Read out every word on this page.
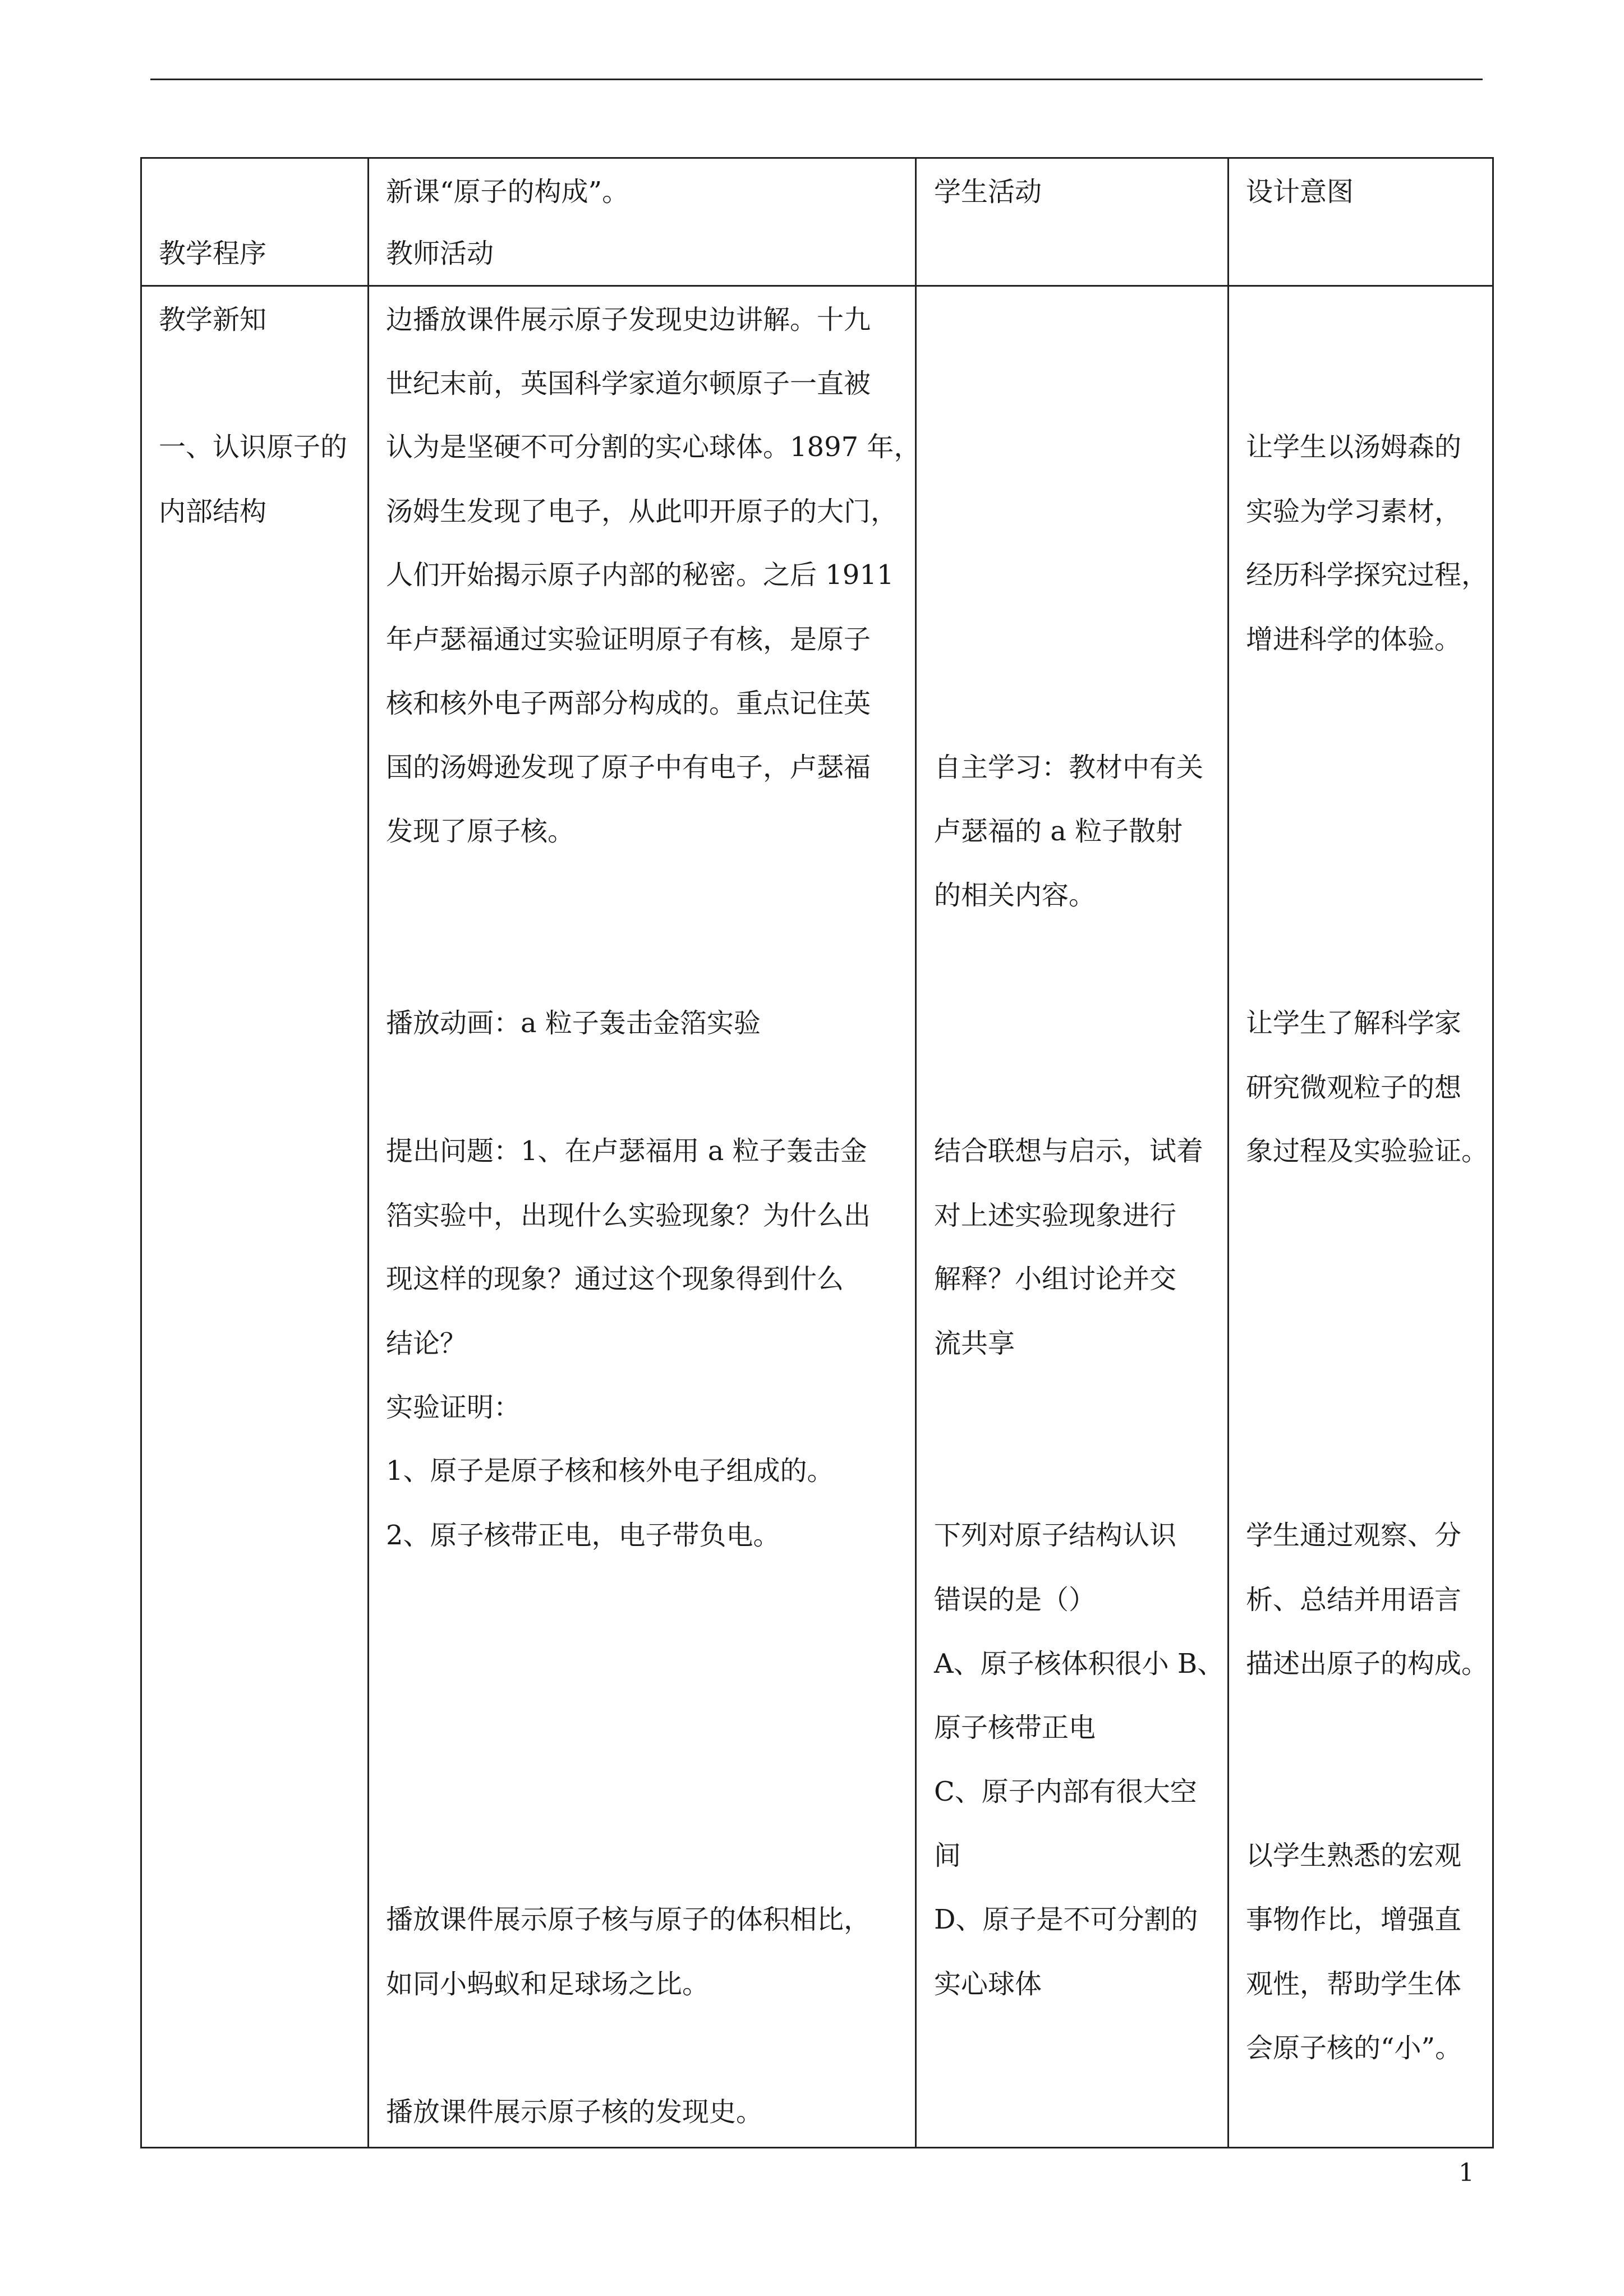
教学程序
新课“原子的构成”。
教师活动
学生活动	设计意图
教学新知
一、认识原子的
内部结构
边播放课件展示原子发现史边讲解。十九
世纪末前，英国科学家道尔顿原子一直被
认为是坚硬不可分割的实心球体。1897 年，
汤姆生发现了电子，从此叩开原子的大门，
人们开始揭示原子内部的秘密。之后 1911
年卢瑟福通过实验证明原子有核，是原子
核和核外电子两部分构成的。重点记住英
国的汤姆逊发现了原子中有电子，卢瑟福
发现了原子核。
播放动画：a 粒子轰击金箔实验
提出问题：1、在卢瑟福用 a 粒子轰击金
箔实验中，出现什么实验现象？为什么出
现这样的现象？通过这个现象得到什么
结论？
实验证明：
1、原子是原子核和核外电子组成的。
2、原子核带正电，电子带负电。
播放课件展示原子核与原子的体积相比，
如同小蚂蚁和足球场之比。
播放课件展示原子核的发现史。
自主学习：教材中有关
卢瑟福的 a 粒子散射
的相关内容。
结合联想与启示，试着
对上述实验现象进行
解释？小组讨论并交
流共享
下列对原子结构认识
错误的是（）
A、原子核体积很小 B、
原子核带正电
C、原子内部有很大空
间
D、原子是不可分割的
实心球体
让学生以汤姆森的
实验为学习素材，
经历科学探究过程，
增进科学的体验。
让学生了解科学家
研究微观粒子的想
象过程及实验验证。
学生通过观察、分
析、总结并用语言
描述出原子的构成。
以学生熟悉的宏观
事物作比，增强直
观性，帮助学生体
会原子核的“小”。
1
